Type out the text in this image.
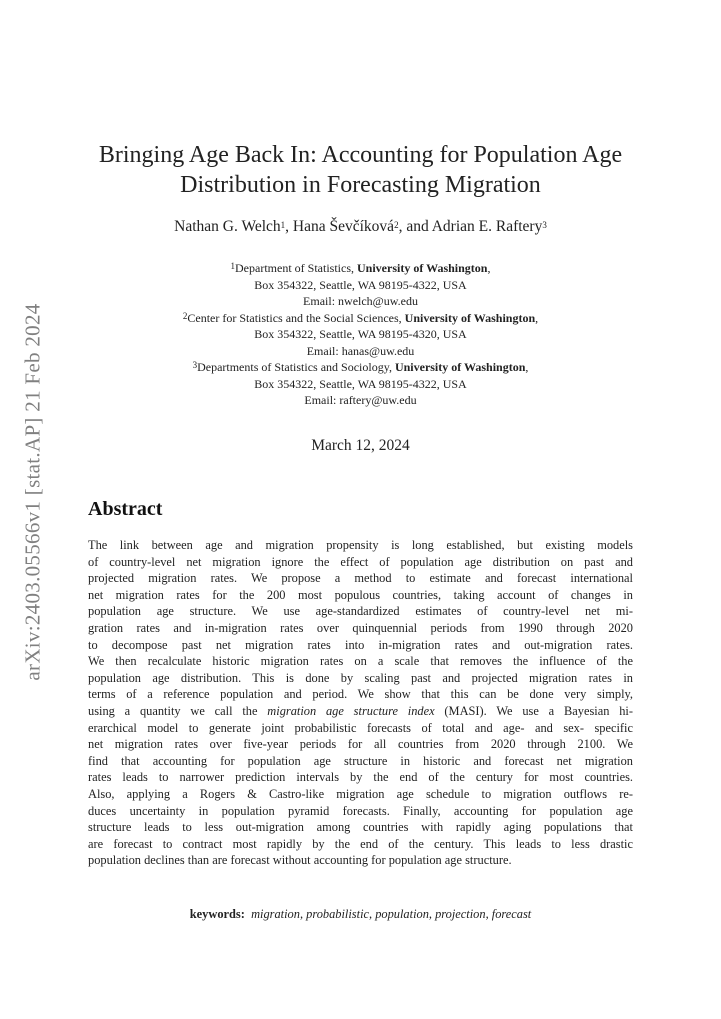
arXiv:2403.05566v1 [stat.AP] 21 Feb 2024
Bringing Age Back In: Accounting for Population Age
Distribution in Forecasting Migration
Nathan G. Welch$^1$, Hana Ševčíková$^2$, and Adrian E. Raftery$^3$
$^1$Department of Statistics, University of Washington,
Box 354322, Seattle, WA 98195-4322, USA
Email: nwelch@uw.edu
$^2$Center for Statistics and the Social Sciences, University of Washington,
Box 354322, Seattle, WA 98195-4320, USA
Email: hanas@uw.edu
$^3$Departments of Statistics and Sociology, University of Washington,
Box 354322, Seattle, WA 98195-4322, USA
Email: raftery@uw.edu
March 12, 2024
Abstract
The link between age and migration propensity is long established, but existing models
of country-level net migration ignore the effect of population age distribution on past and
projected migration rates. We propose a method to estimate and forecast international
net migration rates for the 200 most populous countries, taking account of changes in
population age structure. We use age-standardized estimates of country-level net mi-
gration rates and in-migration rates over quinquennial periods from 1990 through 2020
to decompose past net migration rates into in-migration rates and out-migration rates.
We then recalculate historic migration rates on a scale that removes the influence of the
population age distribution. This is done by scaling past and projected migration rates in
terms of a reference population and period. We show that this can be done very simply,
using a quantity we call the migration age structure index (MASI). We use a Bayesian hi-
erarchical model to generate joint probabilistic forecasts of total and age- and sex- specific
net migration rates over five-year periods for all countries from 2020 through 2100. We
find that accounting for population age structure in historic and forecast net migration
rates leads to narrower prediction intervals by the end of the century for most countries.
Also, applying a Rogers & Castro-like migration age schedule to migration outflows re-
duces uncertainty in population pyramid forecasts. Finally, accounting for population age
structure leads to less out-migration among countries with rapidly aging populations that
are forecast to contract most rapidly by the end of the century. This leads to less drastic
population declines than are forecast without accounting for population age structure.
keywords: migration, probabilistic, population, projection, forecast
